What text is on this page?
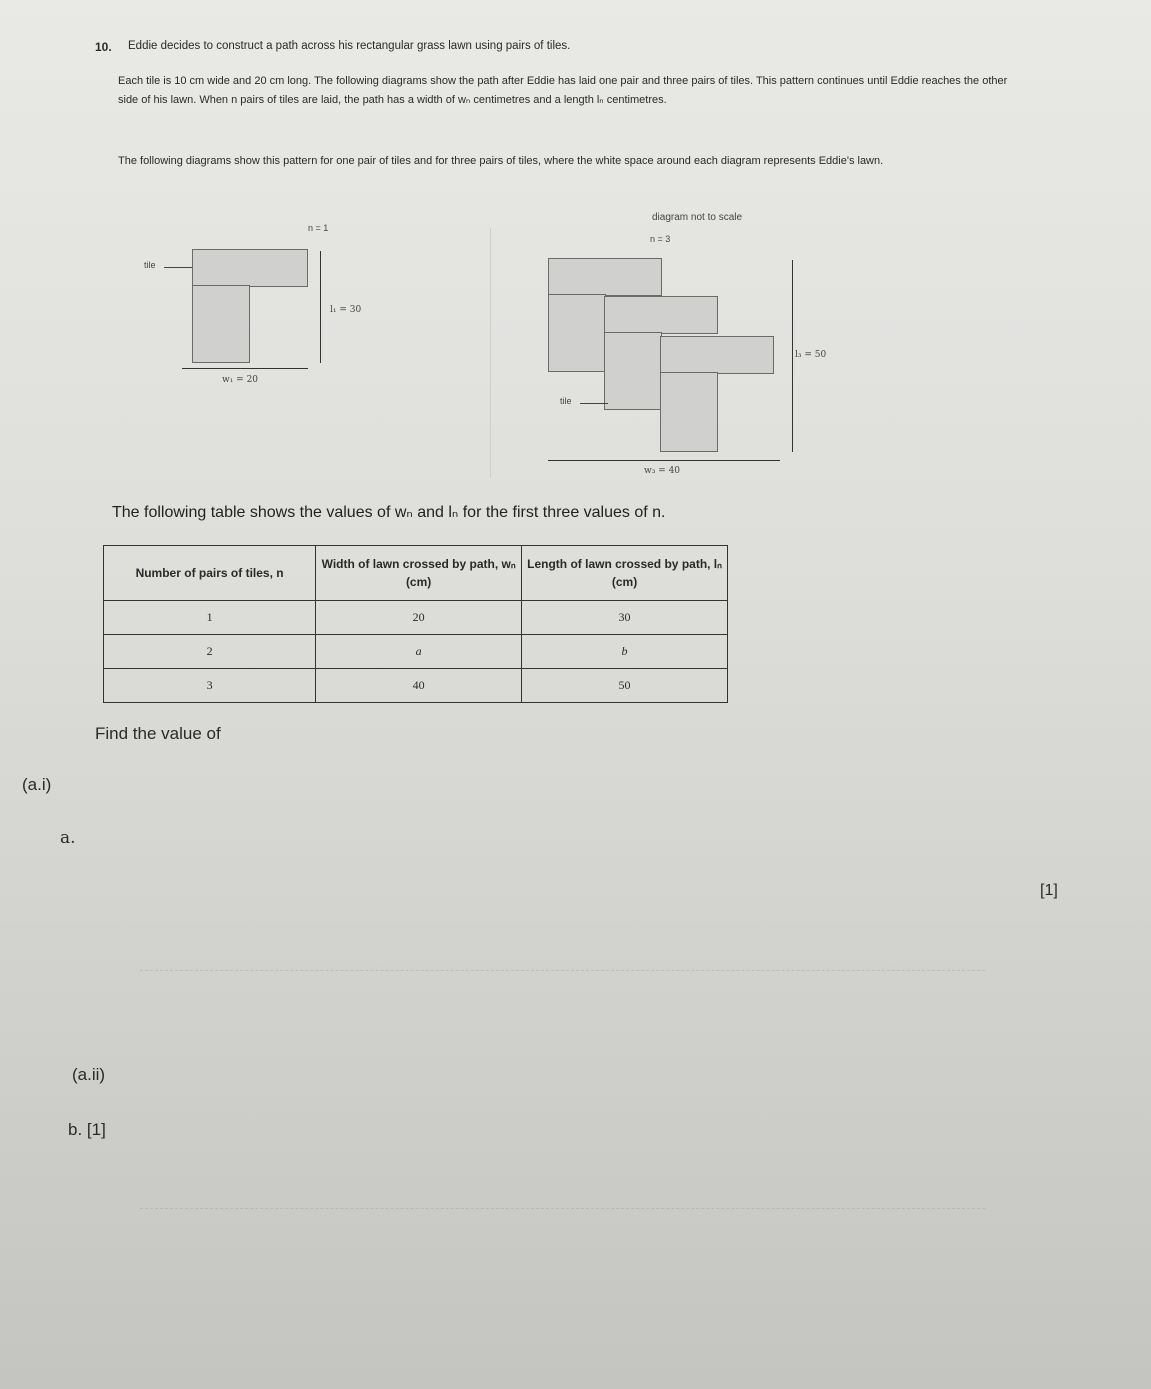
10. Eddie decides to construct a path across his rectangular grass lawn using pairs of tiles.
Each tile is 10 cm wide and 20 cm long. The following diagrams show the path after Eddie has laid one pair and three pairs of tiles. This pattern continues until Eddie reaches the other side of his lawn. When n pairs of tiles are laid, the path has a width of wₙ centimetres and a length lₙ centimetres.
The following diagrams show this pattern for one pair of tiles and for three pairs of tiles, where the white space around each diagram represents Eddie's lawn.
n = 1
tile
l₁ = 30
w₁ = 20
diagram not to scale
n = 3
tile
l₃ = 50
w₃ = 40
The following table shows the values of wₙ and lₙ for the first three values of n.
Number of pairs of tiles, n	Width of lawn crossed by path, wₙ (cm)	Length of lawn crossed by path, lₙ (cm)
1	20	30
2	a	b
3	40	50
Find the value of
(a.i)
a.
[1]
(a.ii)
b. [1]
